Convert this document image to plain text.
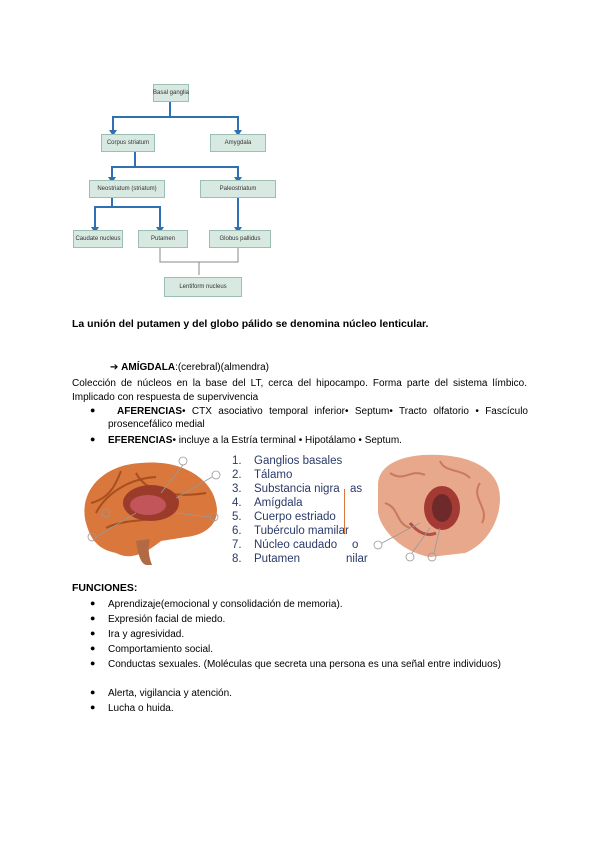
Basal ganglia
Corpus striatum	Amygdala
Neostriatum (striatum)	Paleostriatum
Caudate nucleus	Putamen	Globus pallidus
Lentiform nucleus
La unión del putamen y del globo pálido se denomina núcleo lenticular.
➔ AMÍGDALA:(cerebral)(almendra)
Colección de núcleos en la base del LT, cerca del hipocampo. Forma parte del sistema límbico. Implicado con respuesta de supervivencia
●	AFERENCIAS• CTX asociativo temporal inferior• Septum• Tracto olfatorio • Fascículo prosencefálico medial
● EFERENCIAS• incluye a la Estría terminal • Hipotálamo • Septum.
1. Ganglios basales
2. Tálamo
3. Substancia nigra
4. Amígdala
5. Cuerpo estriado
6. Tubérculo mamilar
7. Núcleo caudado
8. Putamen
as
o
nilar
FUNCIONES:
● Aprendizaje(emocional y consolidación de memoria).
● Expresión facial de miedo.
● Ira y agresividad.
● Comportamiento social.
● Conductas sexuales. (Moléculas que secreta una persona es una señal entre individuos)
● Alerta, vigilancia y atención.
● Lucha o huida.
